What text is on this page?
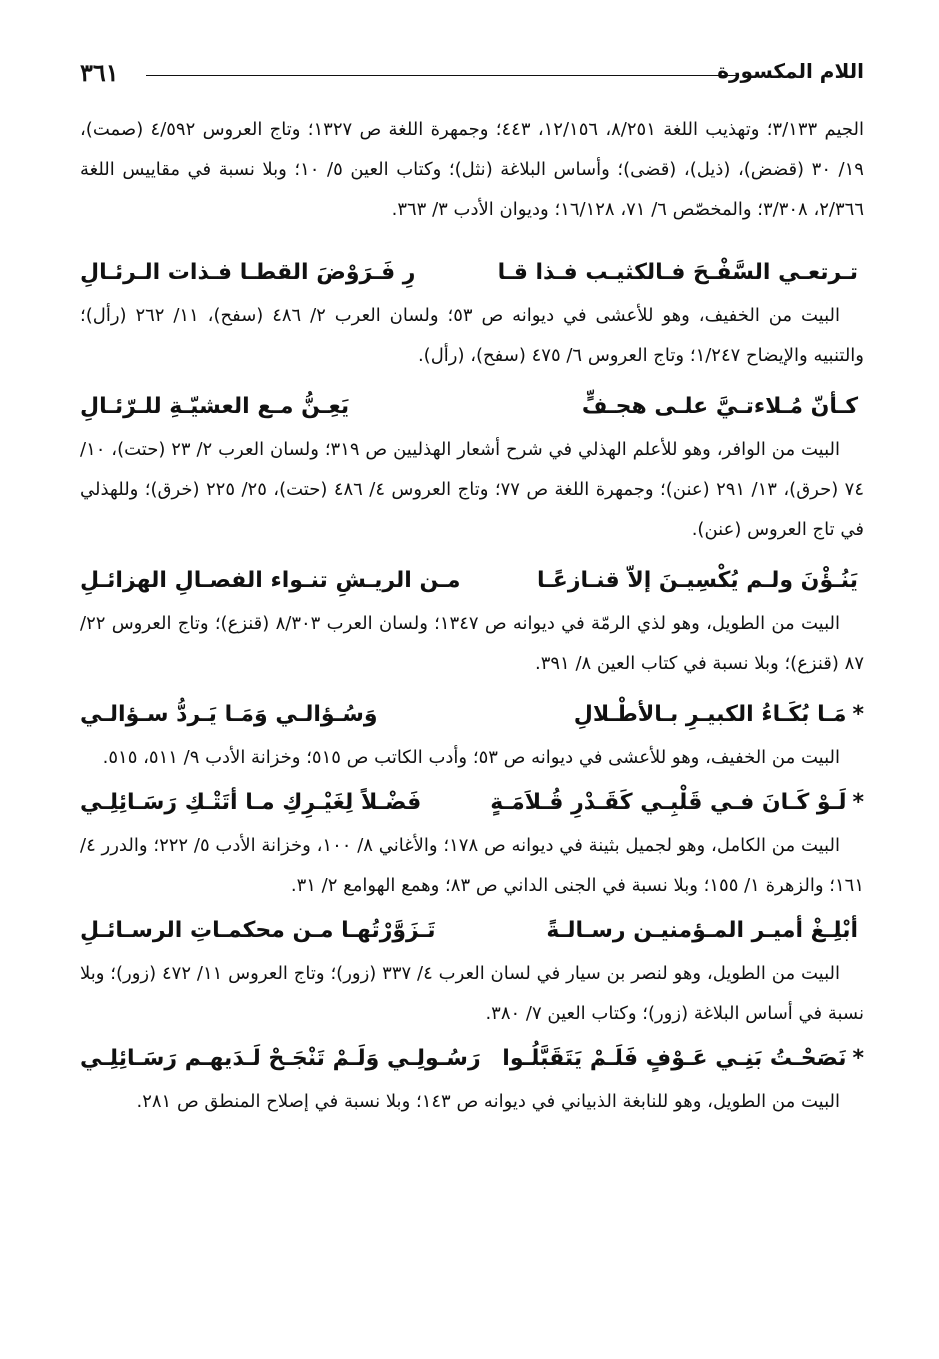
٣٦١	اللام المكسورة

الجيم ٣/١٣٣؛ وتهذيب اللغة ٨/٢٥١، ١٢/١٥٦، ٤٤٣؛ وجمهرة اللغة ص ١٣٢٧؛ وتاج العروس ٤/٥٩٢ (صمت)، ١٩/ ٣٠ (قضض)، (ذيل)، (قضى)؛ وأساس البلاغة (نثل)؛ وكتاب العين ٥/ ١٠؛ وبلا نسبة في مقاييس اللغة ٢/٣٦٦، ٣/٣٠٨؛ والمخصّص ٦/ ٧١، ١٦/١٢٨؛ وديوان الأدب ٣/ ٣٦٣.

تـرتعـي السَّفْـحَ فـالكثيـب فـذا قـا
رِ فَـرَوْضَ القطـا فـذات الـرئـالِ

البيت من الخفيف، وهو للأعشى في ديوانه ص ٥٣؛ ولسان العرب ٢/ ٤٨٦ (سفح)، ١١/ ٢٦٢ (رأل)؛ والتنبيه والإيضاح ١/٢٤٧؛ وتاج العروس ٦/ ٤٧٥ (سفح)، (رأل).

كـأنّ مُـلاءتـيَّ علـى هجـفٍّ
يَعِـنُّ مـع العشيّـةِ للـرّئـالِ

البيت من الوافر، وهو للأعلم الهذلي في شرح أشعار الهذليين ص ٣١٩؛ ولسان العرب ٢/ ٢٣ (حتت)، ١٠/ ٧٤ (حرق)، ١٣/ ٢٩١ (عنن)؛ وجمهرة اللغة ص ٧٧؛ وتاج العروس ٤/ ٤٨٦ (حتت)، ٢٥/ ٢٢٥ (خرق)؛ وللهذلي في تاج العروس (عنن).

يَنُـؤْنَ ولـم يُكْسِيـنَ إلاّ قنـازعًـا
مـن الريـشِ تنـواء الفصـالِ الهزائـلِ

البيت من الطويل، وهو لذي الرمّة في ديوانه ص ١٣٤٧؛ ولسان العرب ٨/٣٠٣ (قنزع)؛ وتاج العروس ٢٢/ ٨٧ (قنزع)؛ وبلا نسبة في كتاب العين ٨/ ٣٩١.

*مَـا بُكَـاءُ الكبيـرِ بـالأطْـلالِ
وَسُـؤالـي وَمَـا يَـردُّ سـؤالـي

البيت من الخفيف، وهو للأعشى في ديوانه ص ٥٣؛ وأدب الكاتب ص ٥١٥؛ وخزانة الأدب ٩/ ٥١١، ٥١٥.

*لَـوْ كَـانَ فـي قَلْبِـي كَقَـدْرِ قُـلاَمَـةٍ
فَضْـلاً لِغَيْـرِكِ مـا أتَتْـكِ رَسَـائِلِـي

البيت من الكامل، وهو لجميل بثينة في ديوانه ص ١٧٨؛ والأغاني ٨/ ١٠٠، وخزانة الأدب ٥/ ٢٢٢؛ والدرر ٤/ ١٦١؛ والزهرة ١/ ١٥٥؛ وبلا نسبة في الجنى الداني ص ٨٣؛ وهمع الهوامع ٢/ ٣١.

أبْلِـغْ أميـر المـؤمنيـن رسـالـةً
تَـزَوَّرْتُهـا مـن محكمـاتِ الرسـائـلِ

البيت من الطويل، وهو لنصر بن سيار في لسان العرب ٤/ ٣٣٧ (زور)؛ وتاج العروس ١١/ ٤٧٢ (زور)؛ وبلا نسبة في أساس البلاغة (زور)؛ وكتاب العين ٧/ ٣٨٠.

*نَصَحْـتُ بَنِـي عَـوْفٍ فَلَـمْ يَتَقَبَّلُـوا
رَسُـولِـي وَلَـمْ تَنْجَـحْ لَـدَيهـم رَسَـائِلِـي

البيت من الطويل، وهو للنابغة الذبياني في ديوانه ص ١٤٣؛ وبلا نسبة في إصلاح المنطق ص ٢٨١.
